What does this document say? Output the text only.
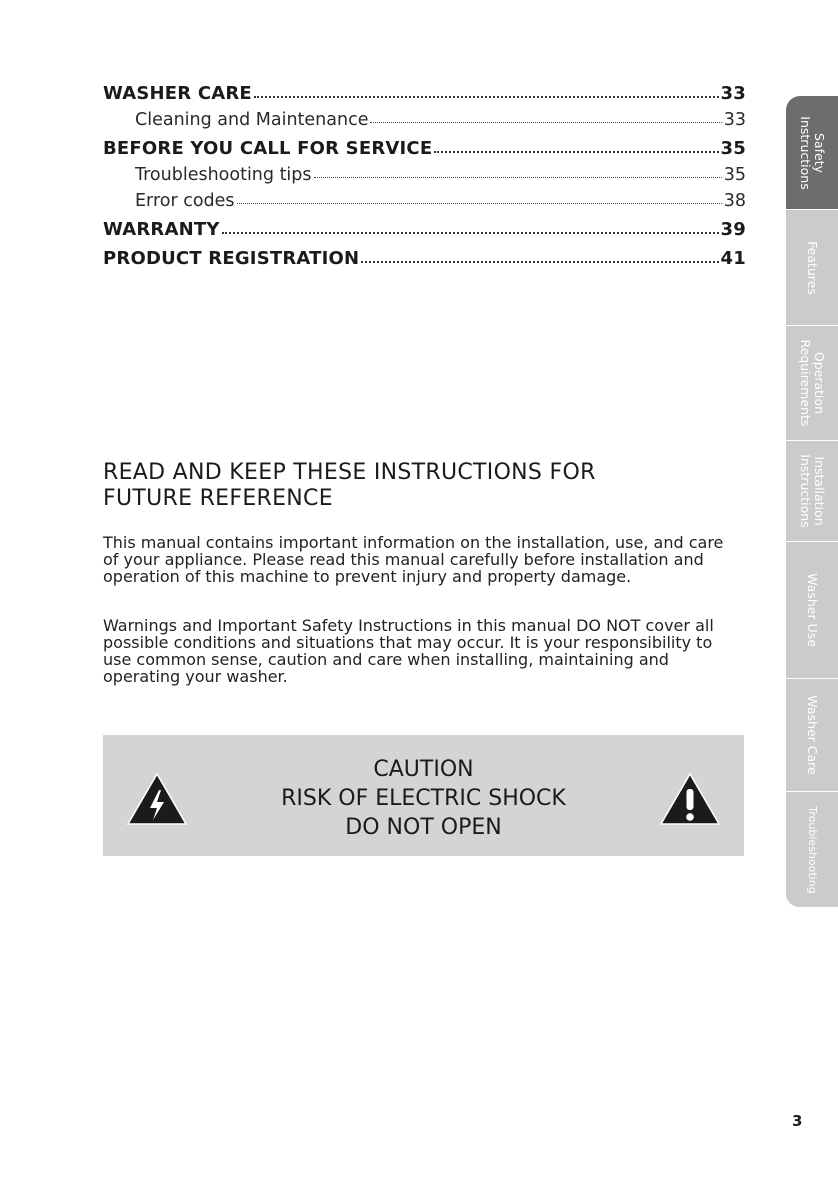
WASHER CARE	33
Cleaning and Maintenance	33
BEFORE YOU CALL FOR SERVICE	35
Troubleshooting tips	35
Error codes	38
WARRANTY	39
PRODUCT REGISTRATION	41
READ AND KEEP THESE INSTRUCTIONS FOR
FUTURE REFERENCE
This manual contains important information on the installation, use, and care of your appliance. Please read this manual carefully before installation and operation of this machine to prevent injury and property damage.
Warnings and Important Safety Instructions in this manual DO NOT cover all possible conditions and situations that may occur. It is your responsibility to use common sense, caution and care when installing, maintaining and operating your washer.
CAUTION
RISK OF ELECTRIC SHOCK
DO NOT OPEN
Safety
Instructions
Features
Operation
Requirements
Installation
Instructions
Washer Use
Washer Care
Troubleshooting
3
